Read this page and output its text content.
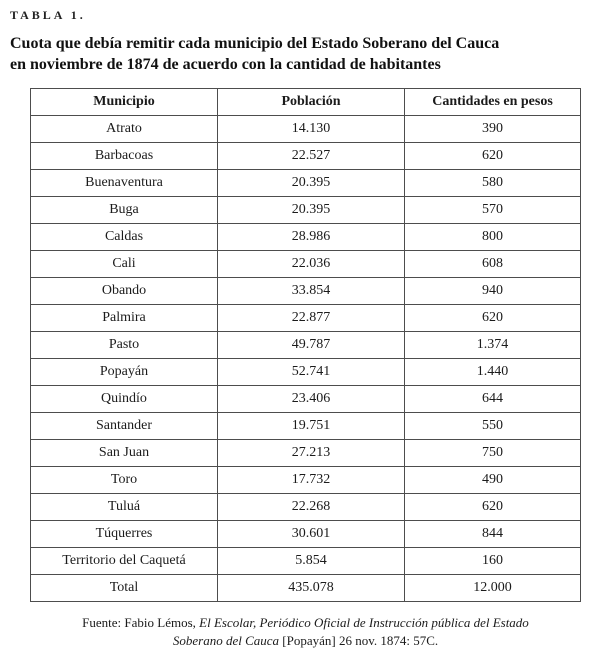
TABLA 1.
Cuota que debía remitir cada municipio del Estado Soberano del Cauca
en noviembre de 1874 de acuerdo con la cantidad de habitantes
Municipio	Población	Cantidades en pesos
Atrato	14.130	390
Barbacoas	22.527	620
Buenaventura	20.395	580
Buga	20.395	570
Caldas	28.986	800
Cali	22.036	608
Obando	33.854	940
Palmira	22.877	620
Pasto	49.787	1.374
Popayán	52.741	1.440
Quindío	23.406	644
Santander	19.751	550
San Juan	27.213	750
Toro	17.732	490
Tuluá	22.268	620
Túquerres	30.601	844
Territorio del Caquetá	5.854	160
Total	435.078	12.000

Fuente: Fabio Lémos, El Escolar, Periódico Oficial de Instrucción pública del Estado Soberano del Cauca [Popayán] 26 nov. 1874: 57C.
